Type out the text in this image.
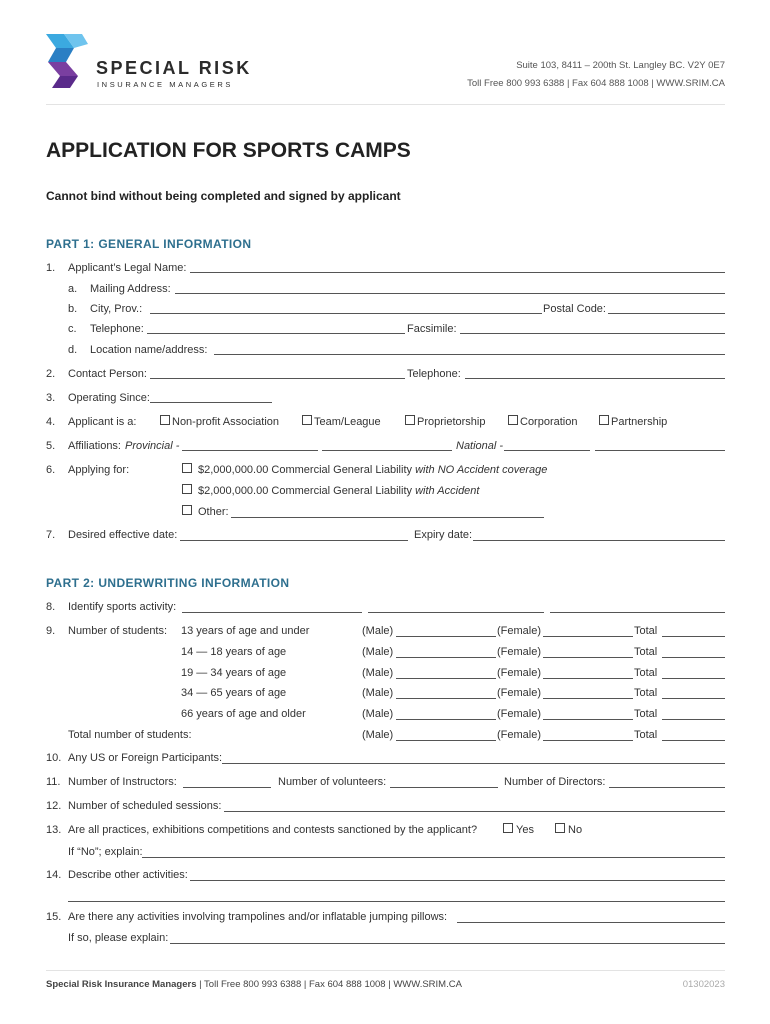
SPECIAL RISK
INSURANCE MANAGERS
Suite 103, 8411 – 200th St. Langley BC. V2Y 0E7
Toll Free 800 993 6388 | Fax 604 888 1008 | WWW.SRIM.CA
APPLICATION FOR SPORTS CAMPS
Cannot bind without being completed and signed by applicant
PART 1: GENERAL INFORMATION
1. Applicant’s Legal Name:
a. Mailing Address:
b. City, Prov.:	Postal Code:
c. Telephone:	Facsimile:
d. Location name/address:
2. Contact Person:	Telephone:
3. Operating Since:
4. Applicant is a:	Non-profit Association	Team/League	Proprietorship	Corporation	Partnership
5. Affiliations: Provincial -	National -
6. Applying for:	$2,000,000.00 Commercial General Liability with NO Accident coverage
$2,000,000.00 Commercial General Liability with Accident
Other:
7. Desired effective date:	Expiry date:
PART 2: UNDERWRITING INFORMATION
8. Identify sports activity:
9. Number of students: 13 years of age and under	(Male)	(Female)	Total
14 — 18 years of age	(Male)	(Female)	Total
19 — 34 years of age	(Male)	(Female)	Total
34 — 65 years of age	(Male)	(Female)	Total
66 years of age and older	(Male)	(Female)	Total
Total number of students:	(Male)	(Female)	Total
10. Any US or Foreign Participants:
11. Number of Instructors:	Number of volunteers:	Number of Directors:
12. Number of scheduled sessions:
13. Are all practices, exhibitions competitions and contests sanctioned by the applicant?	Yes	No
If “No”; explain:
14. Describe other activities:
15. Are there any activities involving trampolines and/or inflatable jumping pillows:
If so, please explain:
Special Risk Insurance Managers | Toll Free 800 993 6388 | Fax 604 888 1008 | WWW.SRIM.CA	01302023
